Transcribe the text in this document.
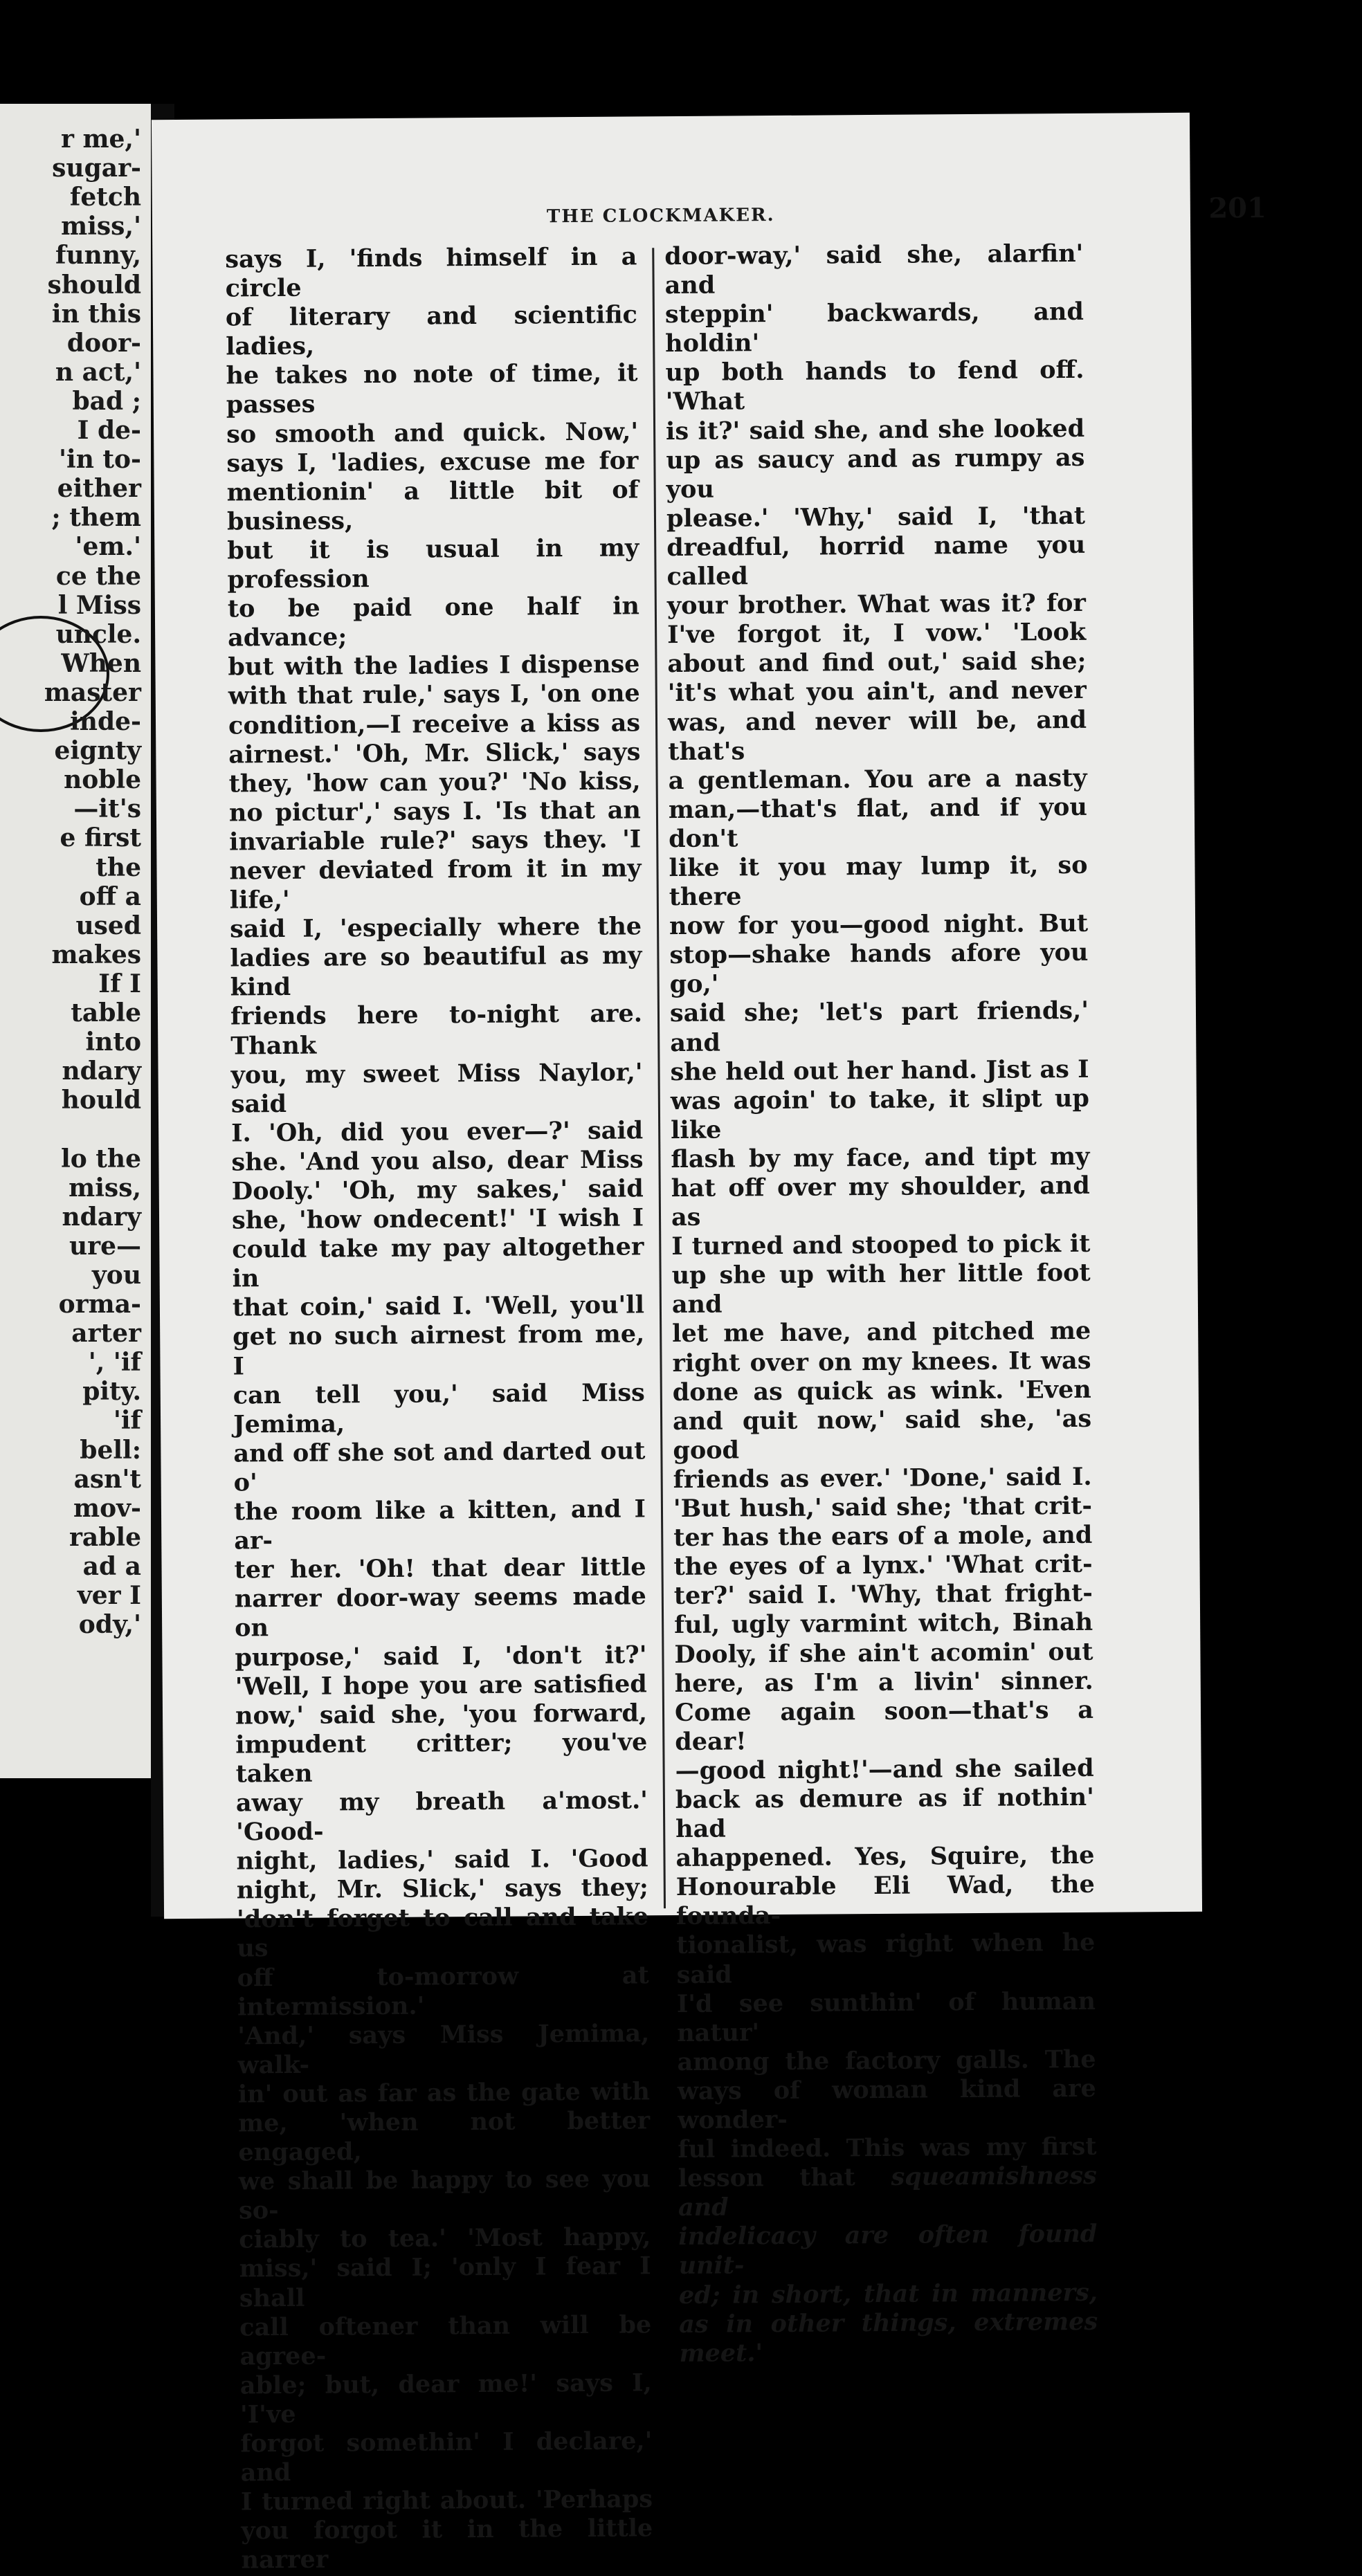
r me,'
sugar-
fetch
miss,'
funny,
should
in this
door-
n act,'
bad ;
I de-
'in to-
either
; them
'em.'
ce the
l Miss
uncle.
When
master
inde-
eignty
noble
—it's
e first
the
off a
used
makes
If I
table
into
ndary
hould
lo the
miss,
ndary
ure—
you
orma-
arter
', 'if
pity.
'if
bell:
asn't
mov-
rable
ad a
ver I
ody,'
THE CLOCKMAKER.	201
says I, 'finds himself in a circle
of literary and scientific ladies,
he takes no note of time, it passes
so smooth and quick. Now,'
says I, 'ladies, excuse me for
mentionin' a little bit of business,
but it is usual in my profession
to be paid one half in advance;
but with the ladies I dispense
with that rule,' says I, 'on one
condition,—I receive a kiss as
airnest.' 'Oh, Mr. Slick,' says
they, 'how can you?' 'No kiss,
no pictur',' says I. 'Is that an
invariable rule?' says they. 'I
never deviated from it in my life,'
said I, 'especially where the
ladies are so beautiful as my kind
friends here to-night are. Thank
you, my sweet Miss Naylor,' said
I. 'Oh, did you ever—?' said
she. 'And you also, dear Miss
Dooly.' 'Oh, my sakes,' said
she, 'how ondecent!' 'I wish I
could take my pay altogether in
that coin,' said I. 'Well, you'll
get no such airnest from me, I
can tell you,' said Miss Jemima,
and off she sot and darted out o'
the room like a kitten, and I ar-
ter her. 'Oh! that dear little
narrer door-way seems made on
purpose,' said I, 'don't it?'
'Well, I hope you are satisfied
now,' said she, 'you forward,
impudent critter; you've taken
away my breath a'most.' 'Good-
night, ladies,' said I. 'Good
night, Mr. Slick,' says they;
'don't forget to call and take us
off to-morrow at intermission.'
'And,' says Miss Jemima, walk-
in' out as far as the gate with
me, 'when not better engaged,
we shall be happy to see you so-
ciably to tea.' 'Most happy,
miss,' said I; 'only I fear I shall
call oftener than will be agree-
able; but, dear me!' says I, 'I've
forgot somethin' I declare,' and
I turned right about. 'Perhaps
you forgot it in the little narrer
door-way,' said she, alarfin' and
steppin' backwards, and holdin'
up both hands to fend off. 'What
is it?' said she, and she looked
up as saucy and as rumpy as you
please.' 'Why,' said I, 'that
dreadful, horrid name you called
your brother. What was it? for
I've forgot it, I vow.' 'Look
about and find out,' said she;
'it's what you ain't, and never
was, and never will be, and that's
a gentleman. You are a nasty
man,—that's flat, and if you don't
like it you may lump it, so there
now for you—good night. But
stop—shake hands afore you go,'
said she; 'let's part friends,' and
she held out her hand. Jist as I
was agoin' to take, it slipt up like
flash by my face, and tipt my
hat off over my shoulder, and as
I turned and stooped to pick it
up she up with her little foot and
let me have, and pitched me
right over on my knees. It was
done as quick as wink. 'Even
and quit now,' said she, 'as good
friends as ever.' 'Done,' said I.
'But hush,' said she; 'that crit-
ter has the ears of a mole, and
the eyes of a lynx.' 'What crit-
ter?' said I. 'Why, that fright-
ful, ugly varmint witch, Binah
Dooly, if she ain't acomin' out
here, as I'm a livin' sinner.
Come again soon—that's a dear!
—good night!'—and she sailed
back as demure as if nothin' had
ahappened. Yes, Squire, the
Honourable Eli Wad, the founda-
tionalist, was right when he said
I'd see sunthin' of human natur'
among the factory galls. The
ways of woman kind are wonder-
ful indeed. This was my first
lesson that squeamishness and
indelicacy are often found unit-
ed; in short, that in manners,
as in other things, extremes
meet.'
